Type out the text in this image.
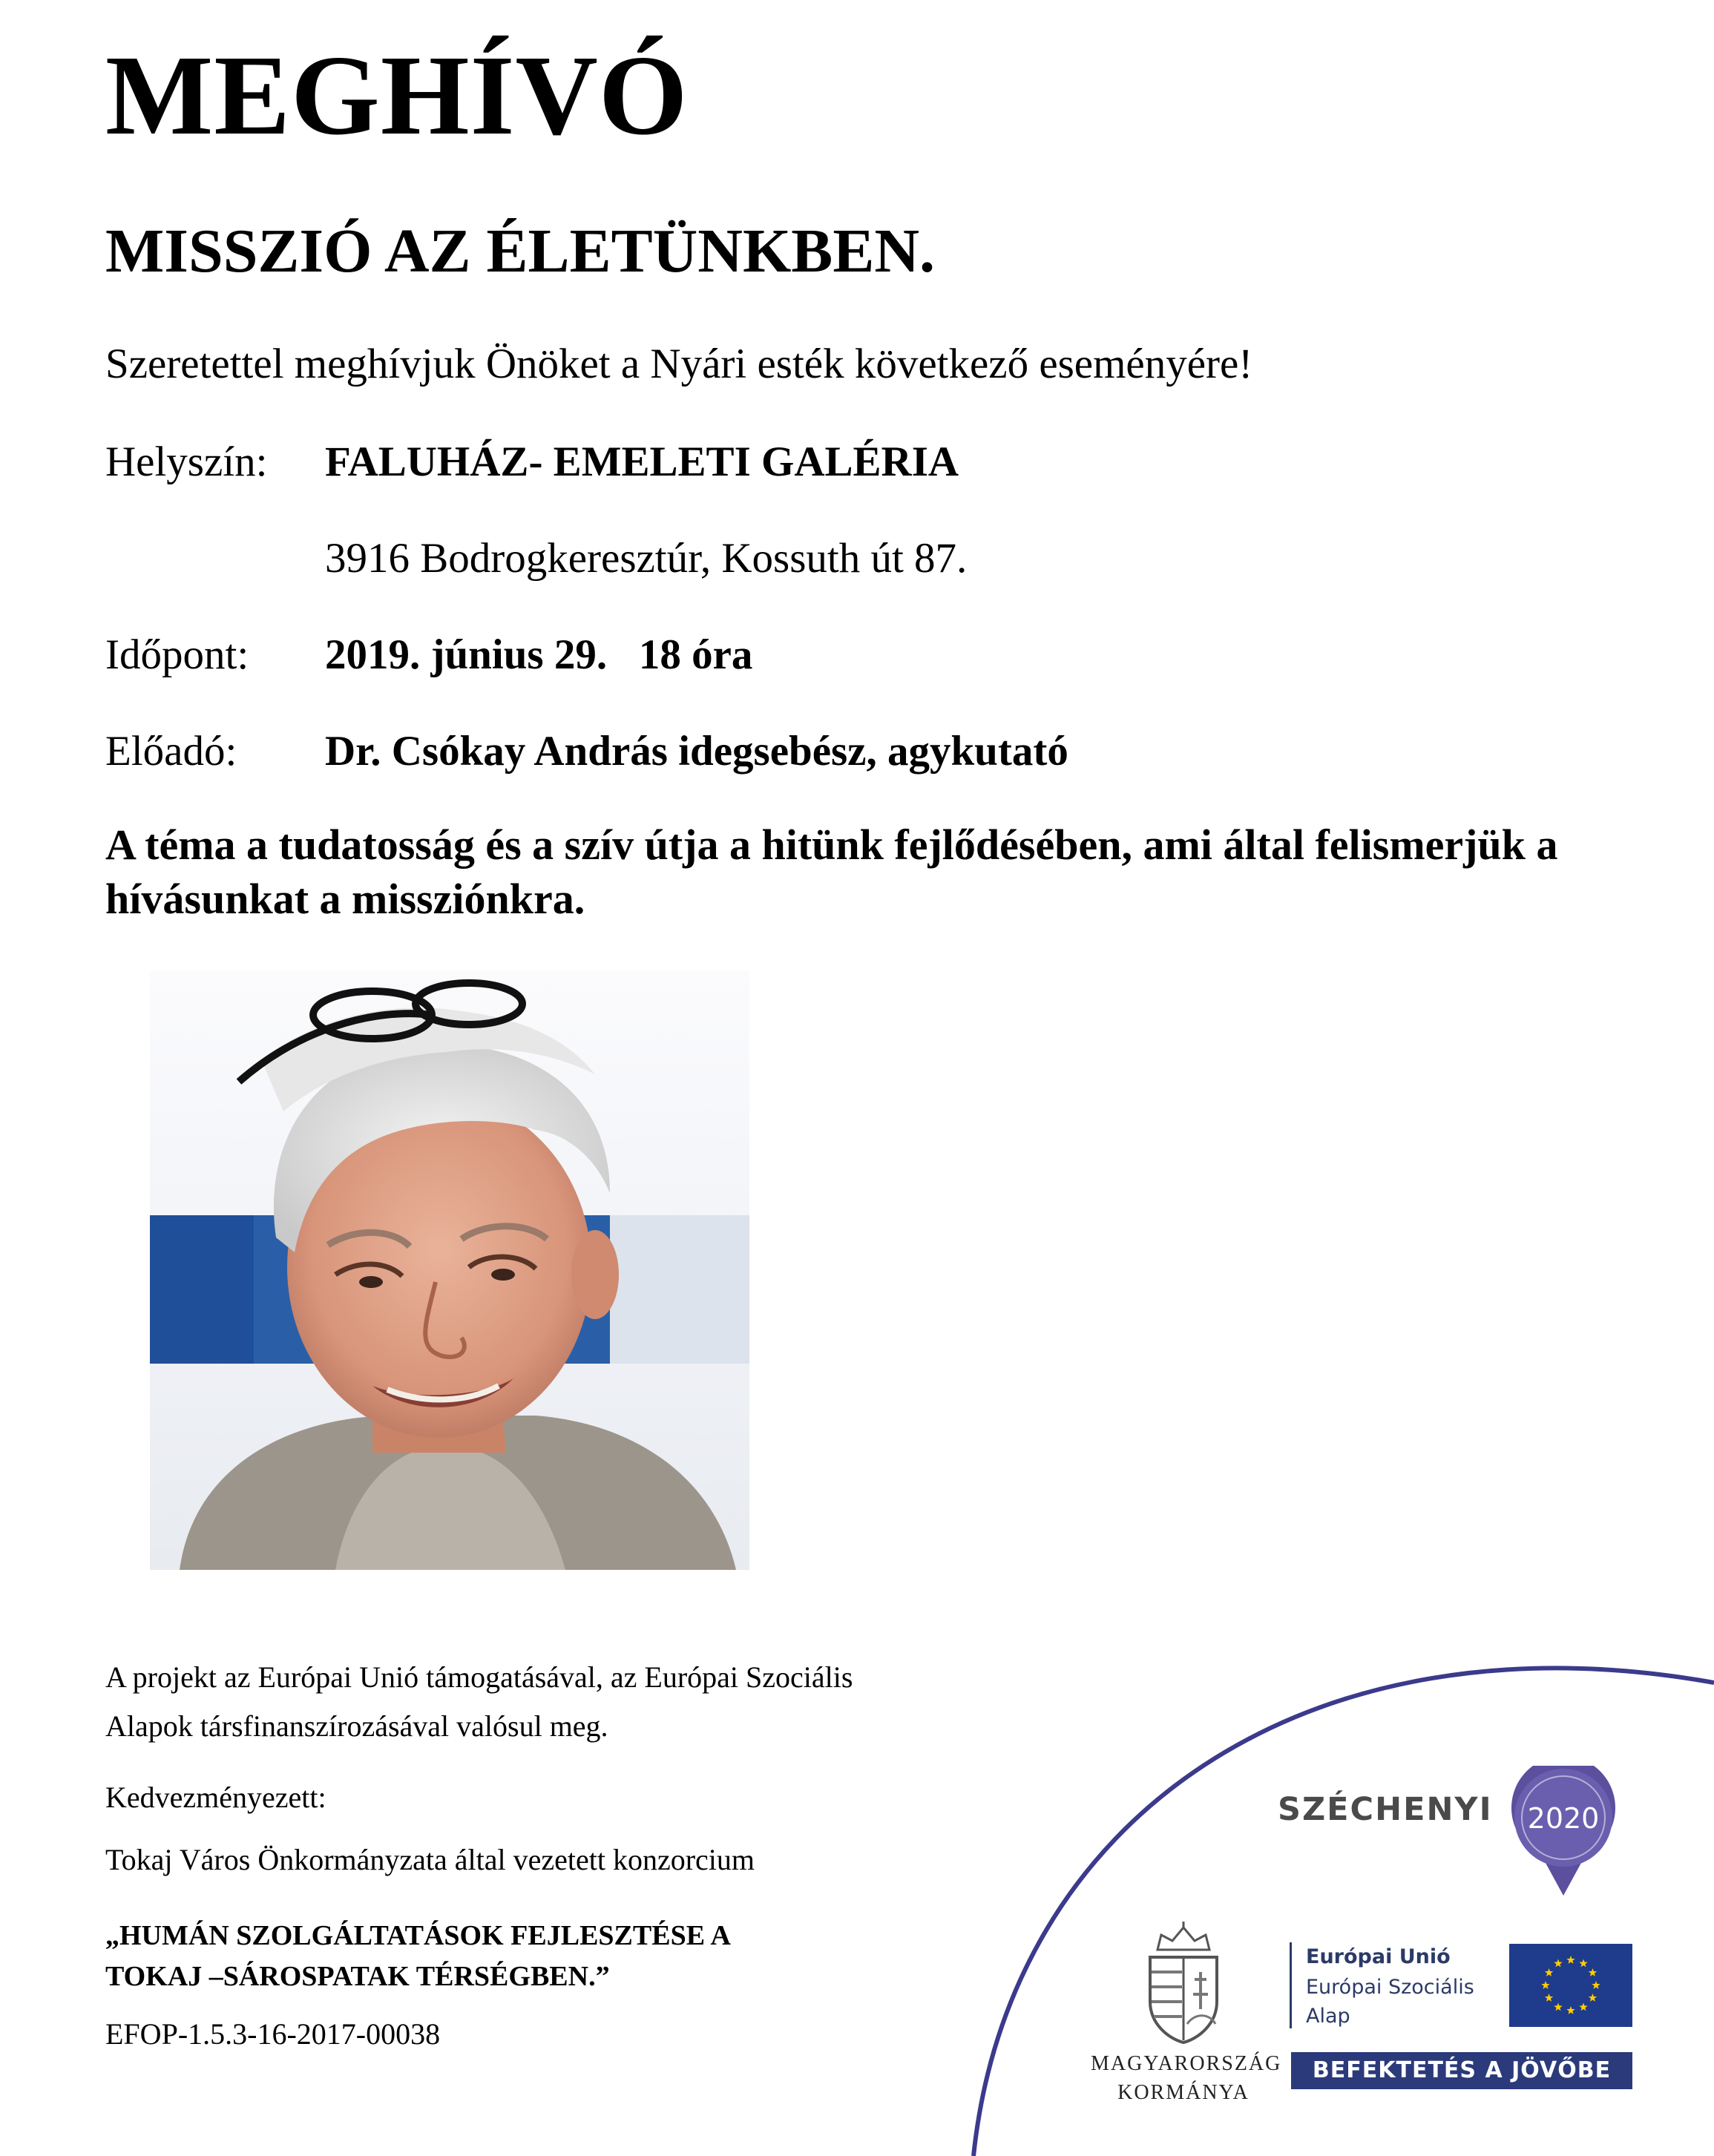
MEGHÍVÓ
MISSZIÓ AZ ÉLETÜNKBEN.
Szeretettel meghívjuk Önöket a Nyári esték következő eseményére!
Helyszín: FALUHÁZ- EMELETI GALÉRIA
3916 Bodrogkeresztúr, Kossuth út 87.
Időpont: 2019. június 29.   18 óra
Előadó: Dr. Csókay András idegsebész, agykutató
A téma a tudatosság és a szív útja a hitünk fejlődésében, ami által felismerjük a hívásunkat a missziónkra.
A projekt az Európai Unió támogatásával, az Európai Szociális
Alapok társfinanszírozásával valósul meg.
Kedvezményezett:
Tokaj Város Önkormányzata által vezetett konzorcium
„HUMÁN SZOLGÁLTATÁSOK FEJLESZTÉSE A
TOKAJ –SÁROSPATAK TÉRSÉGBEN.”
EFOP-1.5.3-16-2017-00038
SZÉCHENYI 2020
MAGYARORSZÁG
KORMÁNYA
Európai Unió
Európai Szociális
Alap
BEFEKTETÉS A JÖVŐBE
